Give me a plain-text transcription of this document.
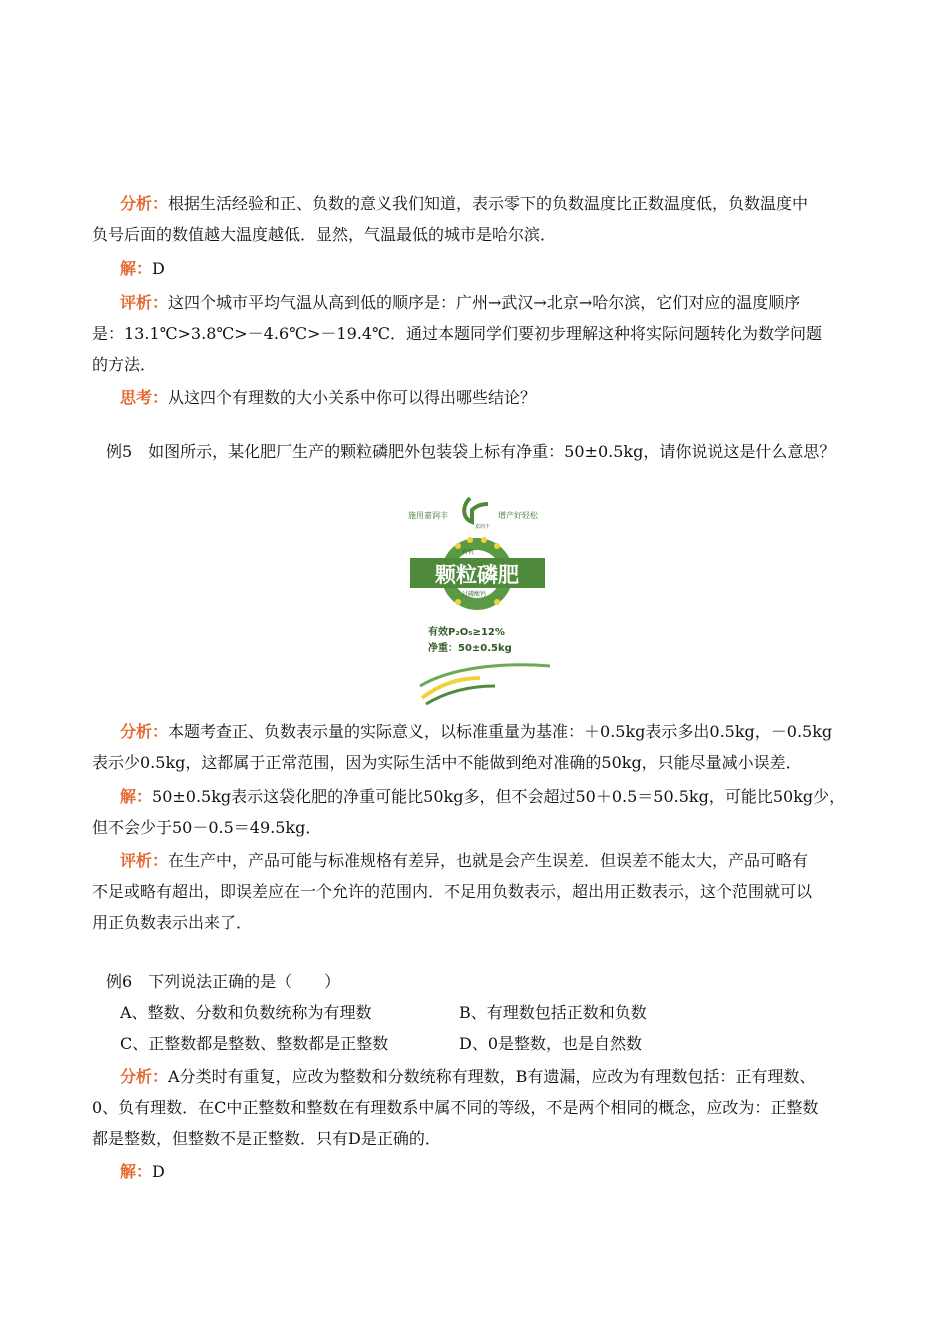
分析：根据生活经验和正、负数的意义我们知道，表示零下的负数温度比正数温度低，负数温度中

负号后面的数值越大温度越低．显然，气温最低的城市是哈尔滨．

解：D

评析：这四个城市平均气温从高到低的顺序是：广州→武汉→北京→哈尔滨，它们对应的温度顺序

是：13.1℃>3.8℃>－4.6℃>－19.4℃．通过本题同学们要初步理解这种将实际问题转化为数学问题

的方法．

思考：从这四个有理数的大小关系中你可以得出哪些结论？

例5　如图所示，某化肥厂生产的颗粒磷肥外包装袋上标有净重：50±0.5kg，请你说说这是什么意思？

施用嘉润丰
嘉润丰
增产好轻松
有机
颗粒磷肥
过磷酸钙
有效P₂O₅≥12%
净重：50±0.5kg

分析：本题考查正、负数表示量的实际意义，以标准重量为基准：＋0.5kg表示多出0.5kg，－0.5kg

表示少0.5kg，这都属于正常范围，因为实际生活中不能做到绝对准确的50kg，只能尽量减小误差．

解：50±0.5kg表示这袋化肥的净重可能比50kg多，但不会超过50＋0.5＝50.5kg，可能比50kg少，

但不会少于50－0.5＝49.5kg．

评析：在生产中，产品可能与标准规格有差异，也就是会产生误差．但误差不能太大，产品可略有

不足或略有超出，即误差应在一个允许的范围内．不足用负数表示，超出用正数表示，这个范围就可以

用正负数表示出来了．

例6　下列说法正确的是（　　）

A、整数、分数和负数统称为有理数	B、有理数包括正数和负数
C、正整数都是整数、整数都是正整数	D、0是整数，也是自然数

分析：A分类时有重复，应改为整数和分数统称有理数，B有遗漏，应改为有理数包括：正有理数、

0、负有理数．在C中正整数和整数在有理数系中属不同的等级，不是两个相同的概念，应改为：正整数

都是整数，但整数不是正整数．只有D是正确的．

解：D
